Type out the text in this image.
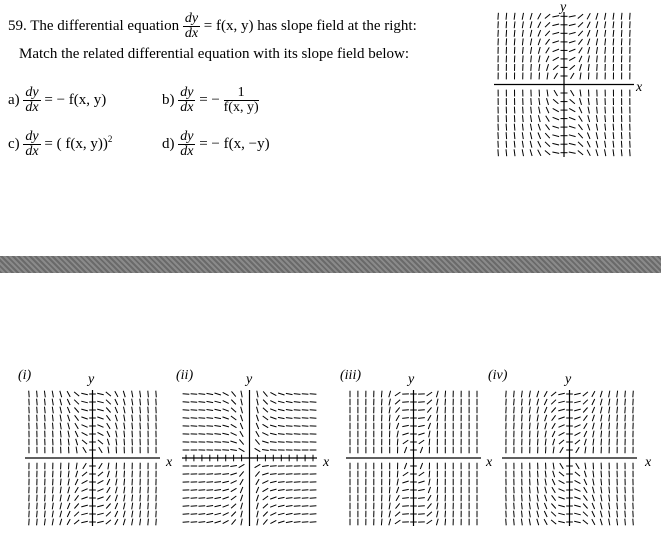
59. The differential equation $\frac{dy}{dx} = f(x$, y) has slope field at the right:
Match the related differential equation with its slope field below:
$a) \frac{dy}{dx}$ = − f(x, y)	$b) \frac{dy}{dx}$ = − $\frac{1}{f(x, y)}$
$c) \frac{dy}{dx}$ = ( f(x, y))$^2$	$d) \frac{dy}{dx}$ = − f(x, −y)
y
x
(i)	y
x
(ii)	y
x
(iii)	y
x
(iv)	y
x
